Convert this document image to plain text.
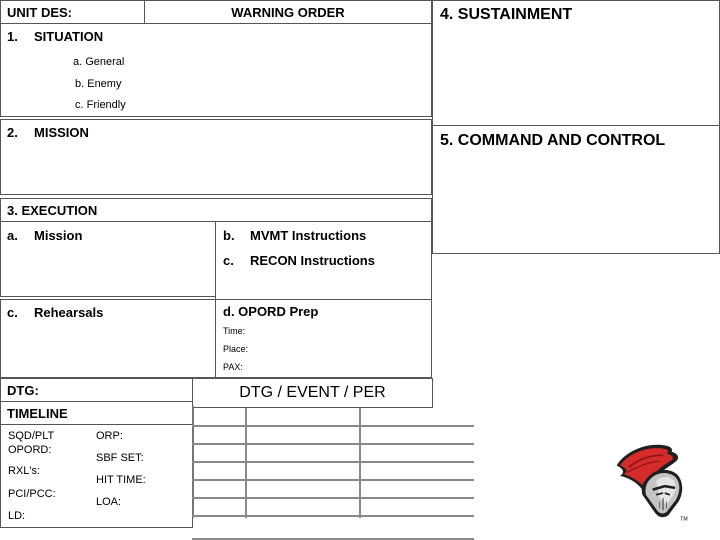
UNIT DES:	WARNING ORDER
1. SITUATION
a. General
b. Enemy
c. Friendly
2. MISSION
3. EXECUTION
a. Mission	b. MVMT Instructions
c. RECON Instructions
c. Rehearsals	d. OPORD Prep
Time:
Place:
PAX:
4. SUSTAINMENT
5. COMMAND AND CONTROL
DTG:
TIMELINE
SQD/PLT
OPORD:
RXL's:
PCI/PCC:
LD:
ORP:
SBF SET:
HIT TIME:
LOA:
DTG / EVENT / PER
TM
